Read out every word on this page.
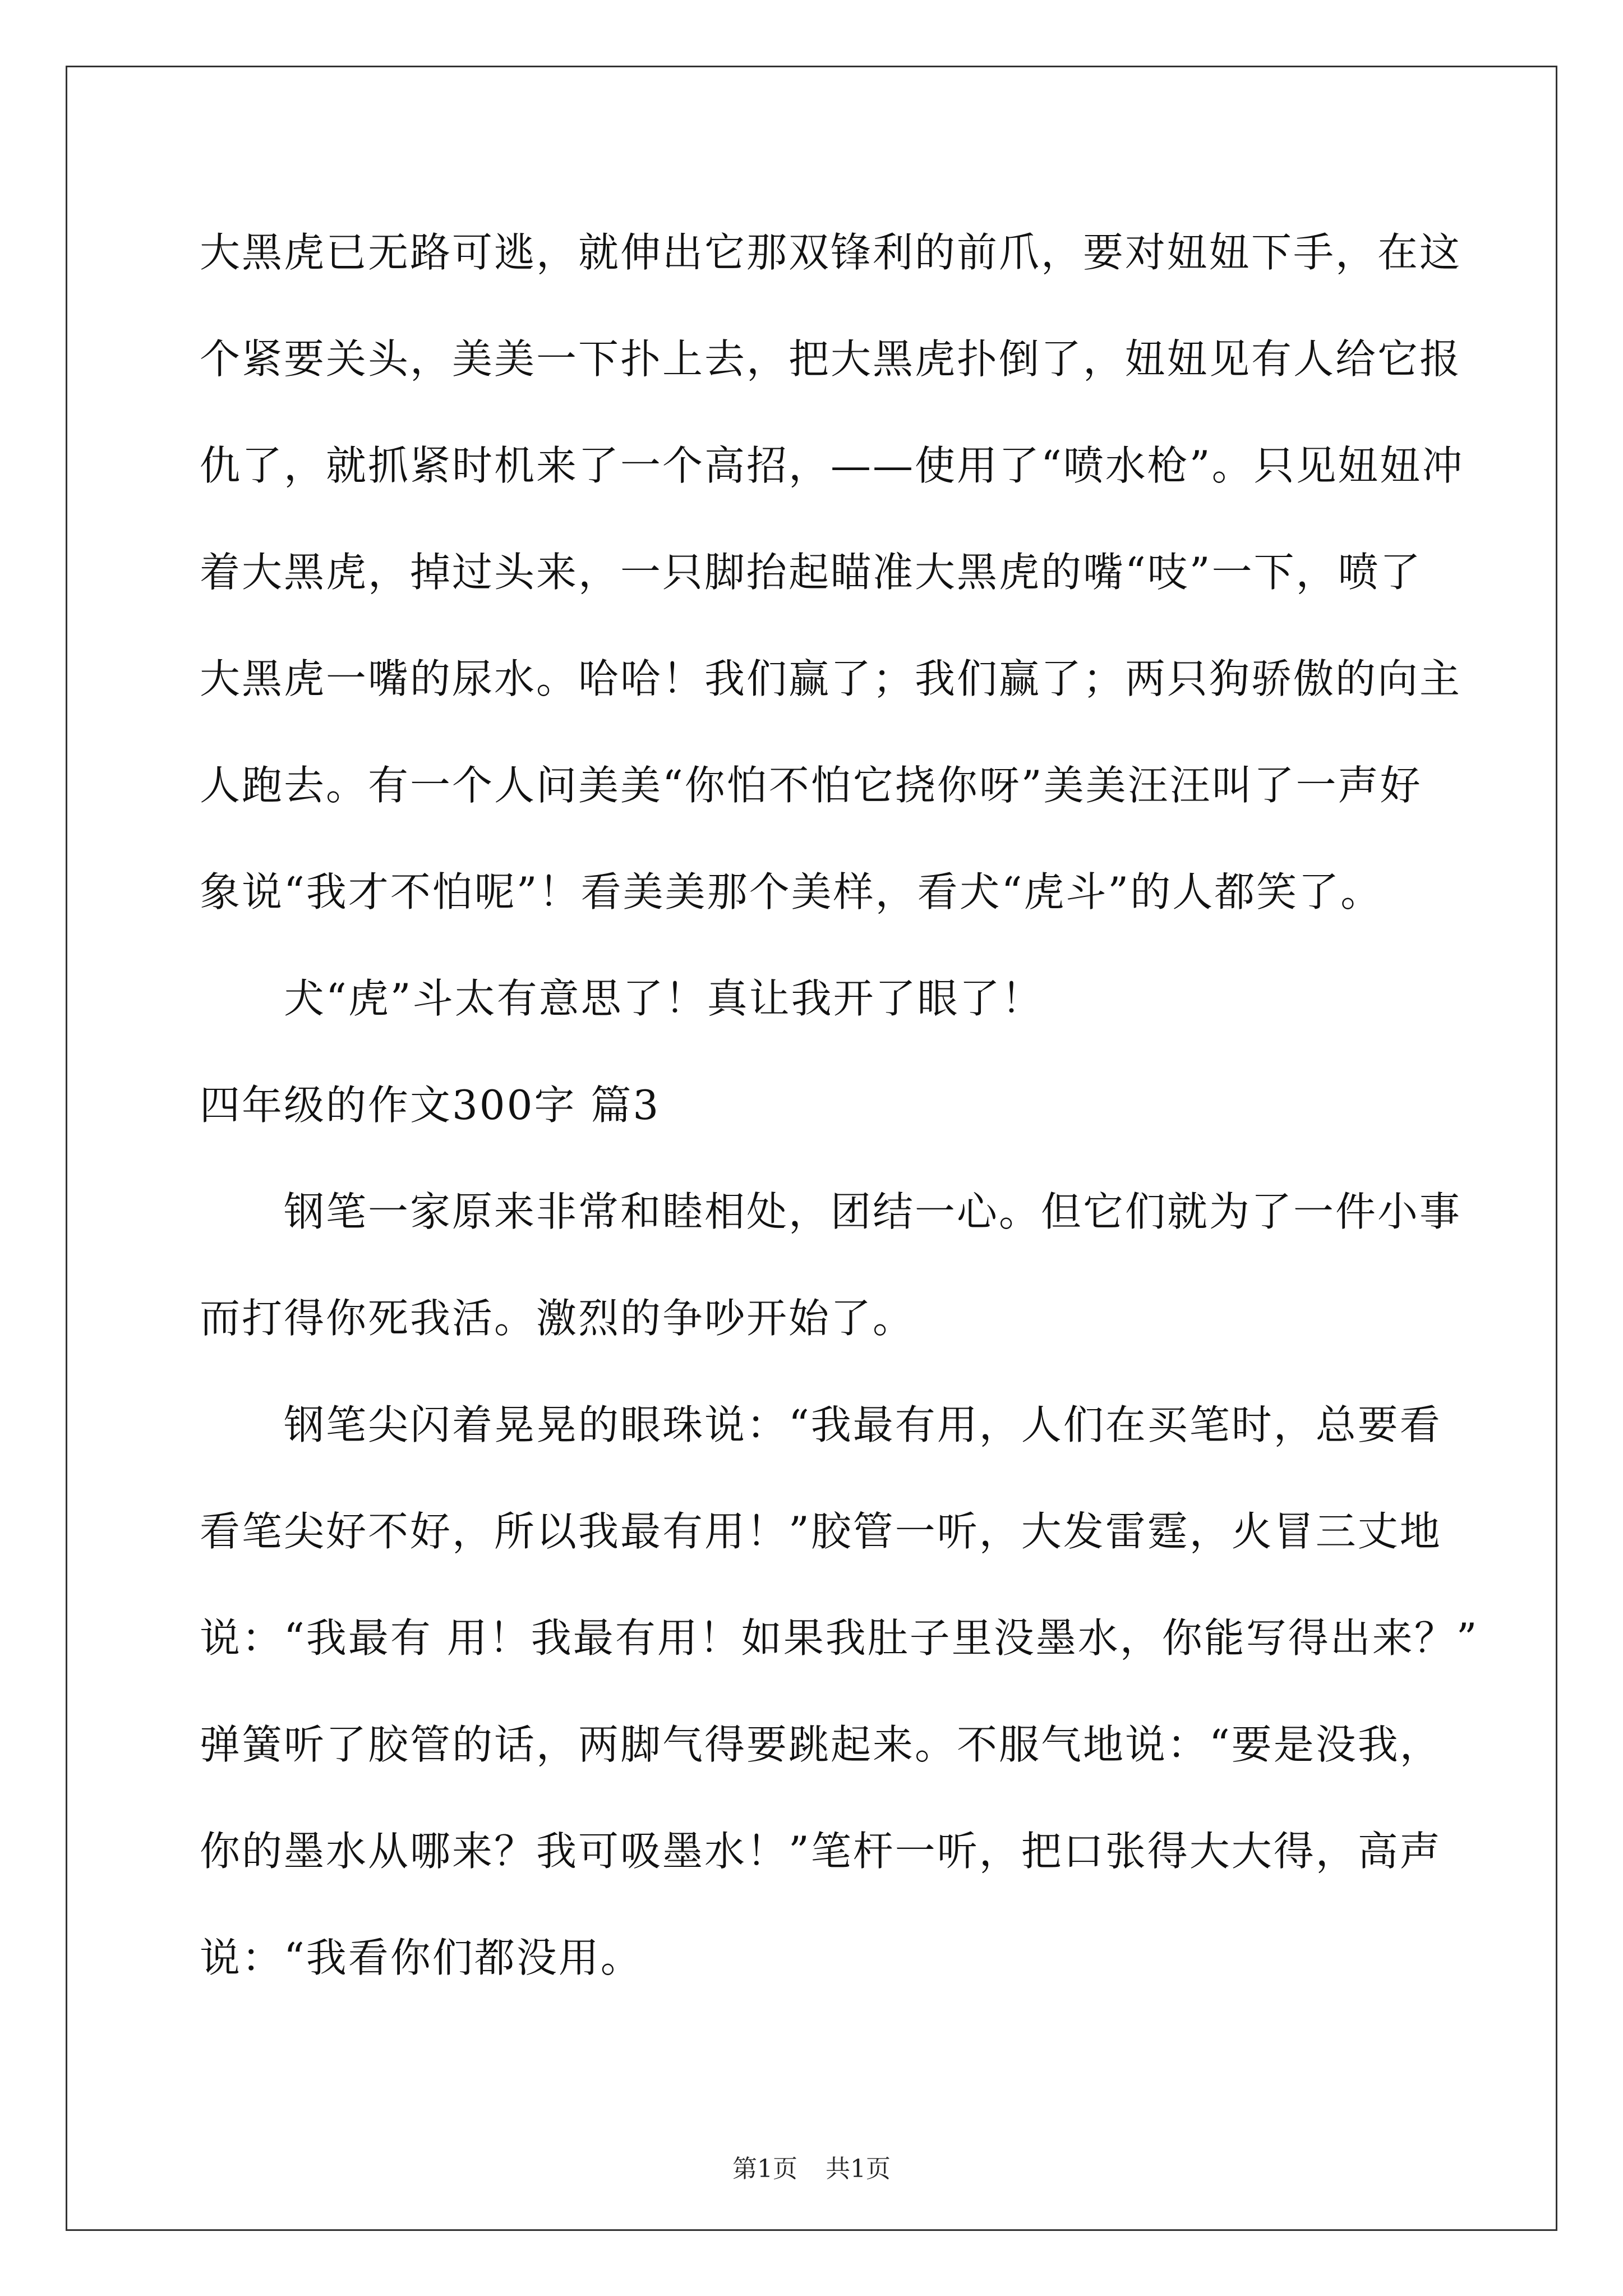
大黑虎已无路可逃，就伸出它那双锋利的前爪，要对妞妞下手，在这
个紧要关头，美美一下扑上去，把大黑虎扑倒了，妞妞见有人给它报
仇了，就抓紧时机来了一个高招，——使用了“喷水枪”。只见妞妞冲
着大黑虎，掉过头来，一只脚抬起瞄准大黑虎的嘴“吱”一下，喷了
大黑虎一嘴的尿水。哈哈！我们赢了；我们赢了；两只狗骄傲的向主
人跑去。有一个人问美美“你怕不怕它挠你呀”美美汪汪叫了一声好
象说“我才不怕呢”！看美美那个美样，看犬“虎斗”的人都笑了。
犬“虎”斗太有意思了！真让我开了眼了！
四年级的作文300字 篇3
钢笔一家原来非常和睦相处，团结一心。但它们就为了一件小事
而打得你死我活。激烈的争吵开始了。
钢笔尖闪着晃晃的眼珠说：“我最有用，人们在买笔时，总要看
看笔尖好不好，所以我最有用！”胶管一听，大发雷霆，火冒三丈地
说：“我最有 用！我最有用！如果我肚子里没墨水，你能写得出来？”
弹簧听了胶管的话，两脚气得要跳起来。不服气地说：“要是没我，
你的墨水从哪来？我可吸墨水！”笔杆一听，把口张得大大得，高声
说：“我看你们都没用。
第1页 共1页
